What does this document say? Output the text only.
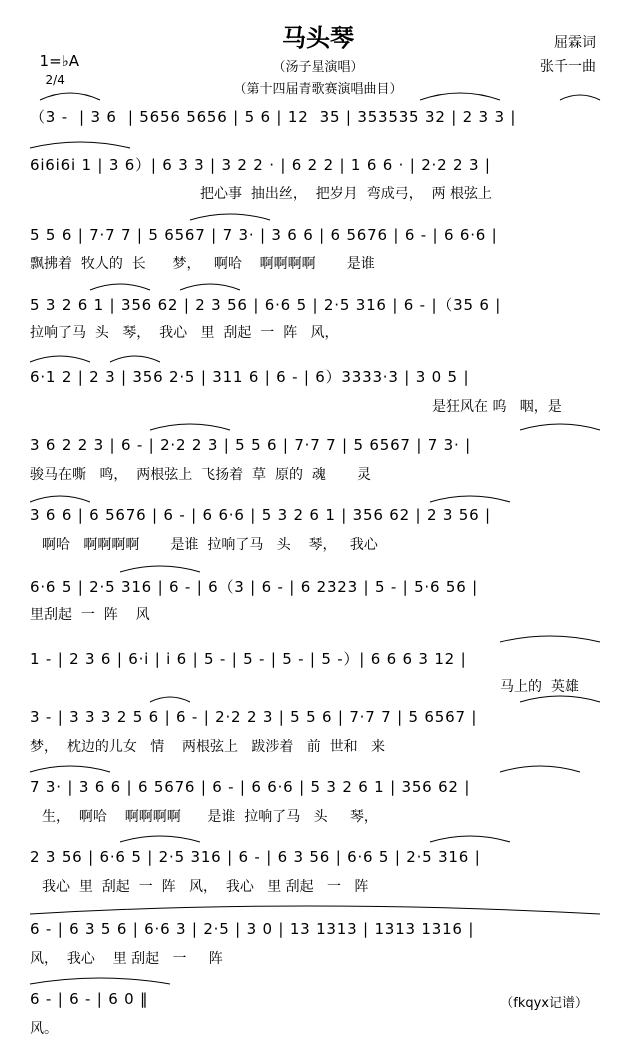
马头琴
（汤子星演唱）
（第十四届青歌赛演唱曲目）

1=♭A
2/4

屈霖词
张千一曲
（3 ‑  | 3 6  | 5656 5656 | 5 6 | 12  35 | 353535 32 | 2 3 3 |
6i6i6i 1 | 3 6）| 6 3 3 | 3 2 2 · | 6 2 2 | 1 6 6 · | 2·2 2 3 |
把心事  抽出丝，  把岁月  弯成弓，  两 根弦上
5 5 6 | 7·7 7 | 5 6567 | 7 3· | 3 6 6 | 6 5676 | 6 ‑ | 6 6·6 |
飘拂着  牧人的  长      梦，   啊哈    啊啊啊啊       是谁
5 3 2 6 1 | 356 62 | 2 3 56 | 6·6 5 | 2·5 316 | 6 ‑ |（35 6 |
拉响了马  头   琴，  我心   里  刮起  一  阵   风，
6·1 2 | 2 3 | 356 2·5 | 311 6 | 6 ‑ | 6）3333·3 | 3 0 5 |
是狂风在 呜   咽，是
3 6 2 2 3 | 6 ‑ | 2·2 2 3 | 5 5 6 | 7·7 7 | 5 6567 | 7 3· |
骏马在嘶   鸣，  两根弦上  飞扬着  草  原的  魂       灵
3 6 6 | 6 5676 | 6 ‑ | 6 6·6 | 5 3 2 6 1 | 356 62 | 2 3 56 |
啊哈   啊啊啊啊       是谁  拉响了马   头    琴，   我心
6·6 5 | 2·5 316 | 6 ‑ | 6（3 | 6 ‑ | 6 2323 | 5 ‑ | 5·6 56 |
里刮起  一  阵    风
1 ‑ | 2 3 6 | 6·i | i 6 | 5 ‑ | 5 ‑ | 5 ‑ | 5 ‑）| 6 6 6 3 12 |
马上的  英雄
3 ‑ | 3 3 3 2 5 6 | 6 ‑ | 2·2 2 3 | 5 5 6 | 7·7 7 | 5 6567 |
梦，  枕边的儿女   情    两根弦上   跋涉着   前  世和   来
7 3· | 3 6 6 | 6 5676 | 6 ‑ | 6 6·6 | 5 3 2 6 1 | 356 62 |
生，  啊哈    啊啊啊啊      是谁  拉响了马   头     琴，
2 3 56 | 6·6 5 | 2·5 316 | 6 ‑ | 6 3 56 | 6·6 5 | 2·5 316 |
我心  里  刮起  一  阵   风，  我心   里 刮起   一   阵
6 ‑ | 6 3 5 6 | 6·6 3 | 2·5 | 3 0 | 13 1313 | 1313 1316 |
风，  我心    里 刮起   一     阵
6 ‑ | 6 ‑ | 6 0 ‖
风。
（fkqyx记谱）
